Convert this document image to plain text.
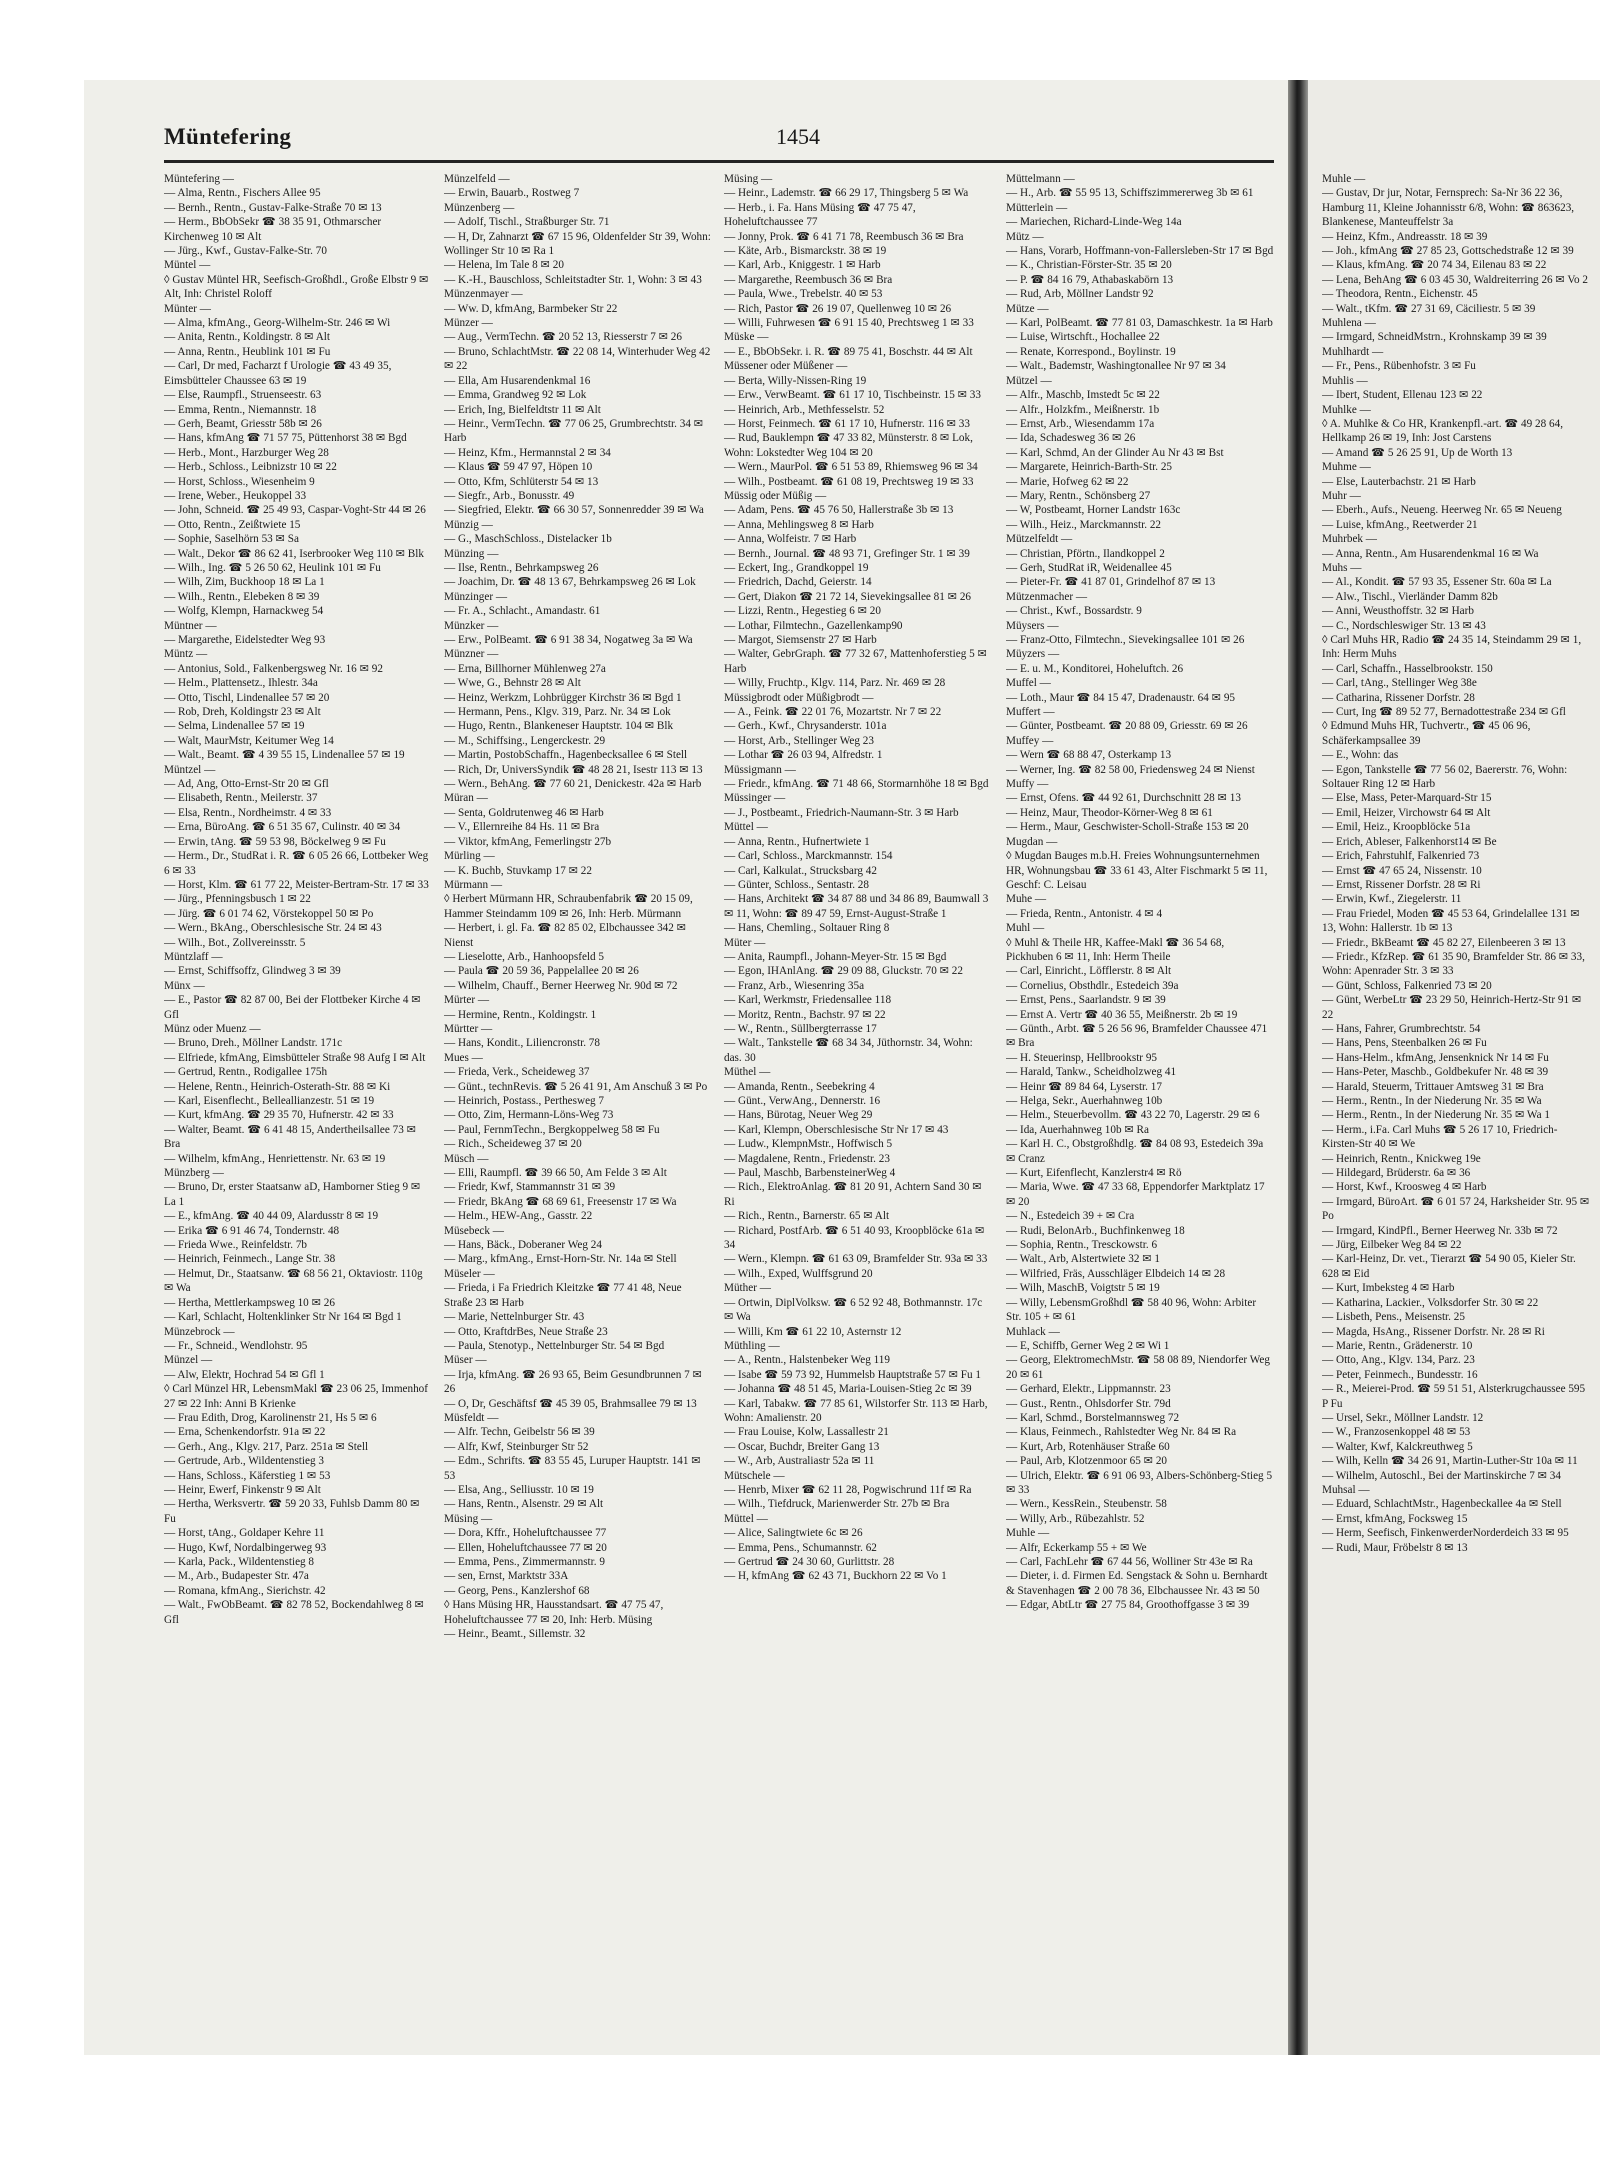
Müntefering	1454
Müntefering —
— Alma, Rentn., Fischers Allee 95
— Bernh., Rentn., Gustav-Falke-Straße 70 ✉ 13
— Herm., BbObSekr ☎ 38 35 91, Othmarscher Kirchenweg 10 ✉ Alt
— Jürg., Kwf., Gustav-Falke-Str. 70
Müntel —
◊ Gustav Müntel HR, Seefisch-Großhdl., Große Elbstr 9 ✉ Alt, Inh: Christel Roloff
Münter —
— Alma, kfmAng., Georg-Wilhelm-Str. 246 ✉ Wi
— Anita, Rentn., Koldingstr. 8 ✉ Alt
— Anna, Rentn., Heublink 101 ✉ Fu
— Carl, Dr med, Facharzt f Urologie ☎ 43 49 35, Eimsbütteler Chaussee 63 ✉ 19
— Else, Raumpfl., Struenseestr. 63
— Emma, Rentn., Niemannstr. 18
— Gerh, Beamt, Griesstr 58b ✉ 26
— Hans, kfmAng ☎ 71 57 75, Püttenhorst 38 ✉ Bgd
— Herb., Mont., Harzburger Weg 28
— Herb., Schloss., Leibnizstr 10 ✉ 22
— Horst, Schloss., Wiesenheim 9
— Irene, Weber., Heukoppel 33
— John, Schneid. ☎ 25 49 93, Caspar-Voght-Str 44 ✉ 26
— Otto, Rentn., Zeißtwiete 15
— Sophie, Saselhörn 53 ✉ Sa
— Walt., Dekor ☎ 86 62 41, Iserbrooker Weg 110 ✉ Blk
— Wilh., Ing. ☎ 5 26 50 62, Heulink 101 ✉ Fu
— Wilh, Zim, Buckhoop 18 ✉ La 1
— Wilh., Rentn., Elebeken 8 ✉ 39
— Wolfg, Klempn, Harnackweg 54
Müntner —
— Margarethe, Eidelstedter Weg 93
Müntz —
— Antonius, Sold., Falkenbergsweg Nr. 16 ✉ 92
— Helm., Plattensetz., Ihlestr. 34a
— Otto, Tischl, Lindenallee 57 ✉ 20
— Rob, Dreh, Koldingstr 23 ✉ Alt
— Selma, Lindenallee 57 ✉ 19
— Walt, MaurMstr, Keitumer Weg 14
— Walt., Beamt. ☎ 4 39 55 15, Lindenallee 57 ✉ 19
Müntzel —
— Ad, Ang, Otto-Ernst-Str 20 ✉ Gfl
— Elisabeth, Rentn., Meilerstr. 37
— Elsa, Rentn., Nordheimstr. 4 ✉ 33
— Erna, BüroAng. ☎ 6 51 35 67, Culinstr. 40 ✉ 34
— Erwin, tAng. ☎ 59 53 98, Böckelweg 9 ✉ Fu
— Herm., Dr., StudRat i. R. ☎ 6 05 26 66, Lottbeker Weg 6 ✉ 33
— Horst, Klm. ☎ 61 77 22, Meister-Bertram-Str. 17 ✉ 33
— Jürg., Pfenningsbusch 1 ✉ 22
— Jürg. ☎ 6 01 74 62, Vörstekoppel 50 ✉ Po
— Wern., BkAng., Oberschlesische Str. 24 ✉ 43
— Wilh., Bot., Zollvereinsstr. 5
Müntzlaff —
— Ernst, Schiffsoffz, Glindweg 3 ✉ 39
Münx —
— E., Pastor ☎ 82 87 00, Bei der Flottbeker Kirche 4 ✉ Gfl
Münz oder Muenz —
— Bruno, Dreh., Möllner Landstr. 171c
— Elfriede, kfmAng, Eimsbütteler Straße 98 Aufg I ✉ Alt
— Gertrud, Rentn., Rodigallee 175h
— Helene, Rentn., Heinrich-Osterath-Str. 88 ✉ Ki
— Karl, Eisenflecht., Belleallianzestr. 51 ✉ 19
— Kurt, kfmAng. ☎ 29 35 70, Hufnerstr. 42 ✉ 33
— Walter, Beamt. ☎ 6 41 48 15, Andertheilsallee 73 ✉ Bra
— Wilhelm, kfmAng., Henriettenstr. Nr. 63 ✉ 19
Münzberg —
— Bruno, Dr, erster Staatsanw aD, Hamborner Stieg 9 ✉ La 1
— E., kfmAng. ☎ 40 44 09, Alardusstr 8 ✉ 19
— Erika ☎ 6 91 46 74, Tondernstr. 48
— Frieda Wwe., Reinfeldstr. 7b
— Heinrich, Feinmech., Lange Str. 38
— Helmut, Dr., Staatsanw. ☎ 68 56 21, Oktaviostr. 110g ✉ Wa
— Hertha, Mettlerkampsweg 10 ✉ 26
— Karl, Schlacht, Holtenklinker Str Nr 164 ✉ Bgd 1
Münzebrock —
— Fr., Schneid., Wendlohstr. 95
Münzel —
— Alw, Elektr, Hochrad 54 ✉ Gfl 1
◊ Carl Münzel HR, LebensmMakl ☎ 23 06 25, Immenhof 27 ✉ 22 Inh: Anni B Krienke
— Frau Edith, Drog, Karolinenstr 21, Hs 5 ✉ 6
— Erna, Schenkendorfstr. 91a ✉ 22
— Gerh., Ang., Klgv. 217, Parz. 251a ✉ Stell
— Gertrude, Arb., Wildentenstieg 3
— Hans, Schloss., Käferstieg 1 ✉ 53
— Heinr, Ewerf, Finkenstr 9 ✉ Alt
— Hertha, Werksvertr. ☎ 59 20 33, Fuhlsb Damm 80 ✉ Fu
— Horst, tAng., Goldaper Kehre 11
— Hugo, Kwf, Nordalbingerweg 93
— Karla, Pack., Wildentenstieg 8
— M., Arb., Budapester Str. 47a
— Romana, kfmAng., Sierichstr. 42
— Walt., FwObBeamt. ☎ 82 78 52, Bockendahlweg 8 ✉ Gfl
Münzelfeld —
— Erwin, Bauarb., Rostweg 7
Münzenberg —
— Adolf, Tischl., Straßburger Str. 71
— H, Dr, Zahnarzt ☎ 67 15 96, Oldenfelder Str 39, Wohn: Wollinger Str 10 ✉ Ra 1
— Helena, Im Tale 8 ✉ 20
— K.-H., Bauschloss, Schleitstadter Str. 1, Wohn: 3 ✉ 43
Münzenmayer —
— Ww. D, kfmAng, Barmbeker Str 22
Münzer —
— Aug., VermTechn. ☎ 20 52 13, Riesserstr 7 ✉ 26
— Bruno, SchlachtMstr. ☎ 22 08 14, Winterhuder Weg 42 ✉ 22
— Ella, Am Husarendenkmal 16
— Emma, Grandweg 92 ✉ Lok
— Erich, Ing, Bielfeldtstr 11 ✉ Alt
— Heinr., VermTechn. ☎ 77 06 25, Grumbrechtstr. 34 ✉ Harb
— Heinz, Kfm., Hermannstal 2 ✉ 34
— Klaus ☎ 59 47 97, Höpen 10
— Otto, Kfm, Schlüterstr 54 ✉ 13
— Siegfr., Arb., Bonusstr. 49
— Siegfried, Elektr. ☎ 66 30 57, Sonnenredder 39 ✉ Wa
Münzig —
— G., MaschSchloss., Distelacker 1b
Münzing —
— Ilse, Rentn., Behrkampsweg 26
— Joachim, Dr. ☎ 48 13 67, Behrkampsweg 26 ✉ Lok
Münzinger —
— Fr. A., Schlacht., Amandastr. 61
Münzker —
— Erw., PolBeamt. ☎ 6 91 38 34, Nogatweg 3a ✉ Wa
Münzner —
— Erna, Billhorner Mühlenweg 27a
— Wwe, G., Behnstr 28 ✉ Alt
— Heinz, Werkzm, Lohbrügger Kirchstr 36 ✉ Bgd 1
— Hermann, Pens., Klgv. 319, Parz. Nr. 34 ✉ Lok
— Hugo, Rentn., Blankeneser Hauptstr. 104 ✉ Blk
— M., Schiffsing., Lengerckestr. 29
— Martin, PostobSchaffn., Hagenbecksallee 6 ✉ Stell
— Rich, Dr, UniversSyndik ☎ 48 28 21, Isestr 113 ✉ 13
— Wern., BehAng. ☎ 77 60 21, Denickestr. 42a ✉ Harb
Müran —
— Senta, Goldrutenweg 46 ✉ Harb
— V., Ellernreihe 84 Hs. 11 ✉ Bra
— Viktor, kfmAng, Femerlingstr 27b
Mürling —
— K. Buchb, Stuvkamp 17 ✉ 22
Mürmann —
◊ Herbert Mürmann HR, Schraubenfabrik ☎ 20 15 09, Hammer Steindamm 109 ✉ 26, Inh: Herb. Mürmann
— Herbert, i. gl. Fa. ☎ 82 85 02, Elbchaussee 342 ✉ Nienst
— Lieselotte, Arb., Hanhoopsfeld 5
— Paula ☎ 20 59 36, Pappelallee 20 ✉ 26
— Wilhelm, Chauff., Berner Heerweg Nr. 90d ✉ 72
Mürter —
— Hermine, Rentn., Koldingstr. 1
Mürtter —
— Hans, Kondit., Liliencronstr. 78
Mues —
— Frieda, Verk., Scheideweg 37
— Günt., technRevis. ☎ 5 26 41 91, Am Anschuß 3 ✉ Po
— Heinrich, Postass., Perthesweg 7
— Otto, Zim, Hermann-Löns-Weg 73
— Paul, FernmTechn., Bergkoppelweg 58 ✉ Fu
— Rich., Scheideweg 37 ✉ 20
Müsch —
— Elli, Raumpfl. ☎ 39 66 50, Am Felde 3 ✉ Alt
— Friedr, Kwf, Stammannstr 31 ✉ 39
— Friedr, BkAng ☎ 68 69 61, Freesenstr 17 ✉ Wa
— Helm., HEW-Ang., Gasstr. 22
Müsebeck —
— Hans, Bäck., Doberaner Weg 24
— Marg., kfmAng., Ernst-Horn-Str. Nr. 14a ✉ Stell
Müseler —
— Frieda, i Fa Friedrich Kleitzke ☎ 77 41 48, Neue Straße 23 ✉ Harb
— Marie, Nettelnburger Str. 43
— Otto, KraftdrBes, Neue Straße 23
— Paula, Stenotyp., Nettelnburger Str. 54 ✉ Bgd
Müser —
— Irja, kfmAng. ☎ 26 93 65, Beim Gesundbrunnen 7 ✉ 26
— O, Dr, Geschäftsf ☎ 45 39 05, Brahmsallee 79 ✉ 13
Müsfeldt —
— Alfr. Techn, Geibelstr 56 ✉ 39
— Alfr, Kwf, Steinburger Str 52
— Edm., Schrifts. ☎ 83 55 45, Luruper Hauptstr. 141 ✉ 53
— Elsa, Ang., Selliusstr. 10 ✉ 19
— Hans, Rentn., Alsenstr. 29 ✉ Alt
Müsing —
— Dora, Kffr., Hoheluftchaussee 77
— Ellen, Hoheluftchaussee 77 ✉ 20
— Emma, Pens., Zimmermannstr. 9
— sen, Ernst, Marktstr 33A
— Georg, Pens., Kanzlershof 68
◊ Hans Müsing HR, Hausstandsart. ☎ 47 75 47, Hoheluftchaussee 77 ✉ 20, Inh: Herb. Müsing
— Heinr., Beamt., Sillemstr. 32
Müsing —
— Heinr., Lademstr. ☎ 66 29 17, Thingsberg 5 ✉ Wa
— Herb., i. Fa. Hans Müsing ☎ 47 75 47, Hoheluftchaussee 77
— Jonny, Prok. ☎ 6 41 71 78, Reembusch 36 ✉ Bra
— Käte, Arb., Bismarckstr. 38 ✉ 19
— Karl, Arb., Kniggestr. 1 ✉ Harb
— Margarethe, Reembusch 36 ✉ Bra
— Paula, Wwe., Trebelstr. 40 ✉ 53
— Rich, Pastor ☎ 26 19 07, Quellenweg 10 ✉ 26
— Willi, Fuhrwesen ☎ 6 91 15 40, Prechtsweg 1 ✉ 33
Müske —
— E., BbObSekr. i. R. ☎ 89 75 41, Boschstr. 44 ✉ Alt
Müssener oder Müßener —
— Berta, Willy-Nissen-Ring 19
— Erw., VerwBeamt. ☎ 61 17 10, Tischbeinstr. 15 ✉ 33
— Heinrich, Arb., Methfesselstr. 52
— Horst, Feinmech. ☎ 61 17 10, Hufnerstr. 116 ✉ 33
— Rud, Bauklempn ☎ 47 33 82, Münsterstr. 8 ✉ Lok, Wohn: Lokstedter Weg 104 ✉ 20
— Wern., MaurPol. ☎ 6 51 53 89, Rhiemsweg 96 ✉ 34
— Wilh., Postbeamt. ☎ 61 08 19, Prechtsweg 19 ✉ 33
Müssig oder Müßig —
— Adam, Pens. ☎ 45 76 50, Hallerstraße 3b ✉ 13
— Anna, Mehlingsweg 8 ✉ Harb
— Anna, Wolfeistr. 7 ✉ Harb
— Bernh., Journal. ☎ 48 93 71, Grefinger Str. 1 ✉ 39
— Eckert, Ing., Grandkoppel 19
— Friedrich, Dachd, Geierstr. 14
— Gert, Diakon ☎ 21 72 14, Sievekingsallee 81 ✉ 26
— Lizzi, Rentn., Hegestieg 6 ✉ 20
— Lothar, Filmtechn., Gazellenkamp90
— Margot, Siemsenstr 27 ✉ Harb
— Walter, GebrGraph. ☎ 77 32 67, Mattenhoferstieg 5 ✉ Harb
— Willy, Fruchtp., Klgv. 114, Parz. Nr. 469 ✉ 28
Müssigbrodt oder Müßigbrodt —
— A., Feink. ☎ 22 01 76, Mozartstr. Nr 7 ✉ 22
— Gerh., Kwf., Chrysanderstr. 101a
— Horst, Arb., Stellinger Weg 23
— Lothar ☎ 26 03 94, Alfredstr. 1
Müssigmann —
— Friedr., kfmAng. ☎ 71 48 66, Stormarnhöhe 18 ✉ Bgd
Müssinger —
— J., Postbeamt., Friedrich-Naumann-Str. 3 ✉ Harb
Müttel —
— Anna, Rentn., Hufnertwiete 1
— Carl, Schloss., Marckmannstr. 154
— Carl, Kalkulat., Strucksbarg 42
— Günter, Schloss., Sentastr. 28
— Hans, Architekt ☎ 34 87 88 und 34 86 89, Baumwall 3 ✉ 11, Wohn: ☎ 89 47 59, Ernst-August-Straße 1
— Hans, Chemling., Soltauer Ring 8
Müter —
— Anita, Raumpfl., Johann-Meyer-Str. 15 ✉ Bgd
— Egon, IHAnlAng. ☎ 29 09 88, Gluckstr. 70 ✉ 22
— Franz, Arb., Wiesenring 35a
— Karl, Werkmstr, Friedensallee 118
— Moritz, Rentn., Bachstr. 97 ✉ 22
— W., Rentn., Süllbergterrasse 17
— Walt., Tankstelle ☎ 68 34 34, Jüthornstr. 34, Wohn: das. 30
Müthel —
— Amanda, Rentn., Seebekring 4
— Günt., VerwAng., Dennerstr. 16
— Hans, Bürotag, Neuer Weg 29
— Karl, Klempn, Oberschlesische Str Nr 17 ✉ 43
— Ludw., KlempnMstr., Hoffwisch 5
— Magdalene, Rentn., Friedenstr. 23
— Paul, Maschb, BarbensteinerWeg 4
— Rich., ElektroAnlag. ☎ 81 20 91, Achtern Sand 30 ✉ Ri
— Rich., Rentn., Barnerstr. 65 ✉ Alt
— Richard, PostfArb. ☎ 6 51 40 93, Kroopblöcke 61a ✉ 34
— Wern., Klempn. ☎ 61 63 09, Bramfelder Str. 93a ✉ 33
— Wilh., Exped, Wulffsgrund 20
Müther —
— Ortwin, DiplVolksw. ☎ 6 52 92 48, Bothmannstr. 17c ✉ Wa
— Willi, Km ☎ 61 22 10, Asternstr 12
Müthling —
— A., Rentn., Halstenbeker Weg 119
— Isabe ☎ 59 73 92, Hummelsb Hauptstraße 57 ✉ Fu 1
— Johanna ☎ 48 51 45, Maria-Louisen-Stieg 2c ✉ 39
— Karl, Tabakw. ☎ 77 85 61, Wilstorfer Str. 113 ✉ Harb, Wohn: Amalienstr. 20
— Frau Louise, Kolw, Lassallestr 21
— Oscar, Buchdr, Breiter Gang 13
— W., Arb, Australiastr 52a ✉ 11
Mütschele —
— Henrb, Mixer ☎ 62 11 28, Pogwischrund 11f ✉ Ra
— Wilh., Tiefdruck, Marienwerder Str. 27b ✉ Bra
Müttel —
— Alice, Salingtwiete 6c ✉ 26
— Emma, Pens., Schumannstr. 62
— Gertrud ☎ 24 30 60, Gurlittstr. 28
— H, kfmAng ☎ 62 43 71, Buckhorn 22 ✉ Vo 1
Müttelmann —
— H., Arb. ☎ 55 95 13, Schiffszimmererweg 3b ✉ 61
Mütterlein —
— Mariechen, Richard-Linde-Weg 14a
Mütz —
— Hans, Vorarb, Hoffmann-von-Fallersleben-Str 17 ✉ Bgd
— K., Christian-Förster-Str. 35 ✉ 20
— P. ☎ 84 16 79, Athabaskabörn 13
— Rud, Arb, Möllner Landstr 92
Mütze —
— Karl, PolBeamt. ☎ 77 81 03, Damaschkestr. 1a ✉ Harb
— Luise, Wirtschft., Hochallee 22
— Renate, Korrespond., Boylinstr. 19
— Walt., Bademstr, Washingtonallee Nr 97 ✉ 34
Mützel —
— Alfr., Maschb, Imstedt 5c ✉ 22
— Alfr., Holzkfm., Meißnerstr. 1b
— Ernst, Arb., Wiesendamm 17a
— Ida, Schadesweg 36 ✉ 26
— Karl, Schmd, An der Glinder Au Nr 43 ✉ Bst
— Margarete, Heinrich-Barth-Str. 25
— Marie, Hofweg 62 ✉ 22
— Mary, Rentn., Schönsberg 27
— W, Postbeamt, Horner Landstr 163c
— Wilh., Heiz., Marckmannstr. 22
Mützelfeldt —
— Christian, Pförtn., Ilandkoppel 2
— Gerh, StudRat iR, Weidenallee 45
— Pieter-Fr. ☎ 41 87 01, Grindelhof 87 ✉ 13
Mützenmacher —
— Christ., Kwf., Bossardstr. 9
Müysers —
— Franz-Otto, Filmtechn., Sievekingsallee 101 ✉ 26
Müyzers —
— E. u. M., Konditorei, Hoheluftch. 26
Muffel —
— Loth., Maur ☎ 84 15 47, Dradenaustr. 64 ✉ 95
Muffert —
— Günter, Postbeamt. ☎ 20 88 09, Griesstr. 69 ✉ 26
Muffey —
— Wern ☎ 68 88 47, Osterkamp 13
— Werner, Ing. ☎ 82 58 00, Friedensweg 24 ✉ Nienst
Muffy —
— Ernst, Ofens. ☎ 44 92 61, Durchschnitt 28 ✉ 13
— Heinz, Maur, Theodor-Körner-Weg 8 ✉ 61
— Herm., Maur, Geschwister-Scholl-Straße 153 ✉ 20
Mugdan —
◊ Mugdan Bauges m.b.H. Freies Wohnungsunternehmen HR, Wohnungsbau ☎ 33 61 43, Alter Fischmarkt 5 ✉ 11, Geschf: C. Leisau
Muhe —
— Frieda, Rentn., Antonistr. 4 ✉ 4
Muhl —
◊ Muhl & Theile HR, Kaffee-Makl ☎ 36 54 68, Pickhuben 6 ✉ 11, Inh: Herm Theile
— Carl, Einricht., Löfflerstr. 8 ✉ Alt
— Cornelius, Obsthdlr., Estedeich 39a
— Ernst, Pens., Saarlandstr. 9 ✉ 39
— Ernst A. Vertr ☎ 40 36 55, Meißnerstr. 2b ✉ 19
— Günth., Arbt. ☎ 5 26 56 96, Bramfelder Chaussee 471 ✉ Bra
— H. Steuerinsp, Hellbrookstr 95
— Harald, Tankw., Scheidholzweg 41
— Heinr ☎ 89 84 64, Lyserstr. 17
— Helga, Sekr., Auerhahnweg 10b
— Helm., Steuerbevollm. ☎ 43 22 70, Lagerstr. 29 ✉ 6
— Ida, Auerhahnweg 10b ✉ Ra
— Karl H. C., Obstgroßhdlg. ☎ 84 08 93, Estedeich 39a ✉ Cranz
— Kurt, Eifenflecht, Kanzlerstr4 ✉ Rö
— Maria, Wwe. ☎ 47 33 68, Eppendorfer Marktplatz 17 ✉ 20
— N., Estedeich 39 + ✉ Cra
— Rudi, BelonArb., Buchfinkenweg 18
— Sophia, Rentn., Tresckowstr. 6
— Walt., Arb, Alstertwiete 32 ✉ 1
— Wilfried, Fräs, Ausschläger Elbdeich 14 ✉ 28
— Wilh, MaschB, Voigtstr 5 ✉ 19
— Willy, LebensmGroßhdl ☎ 58 40 96, Wohn: Arbiter Str. 105 + ✉ 61
Muhlack —
— E, Schiffb, Gerner Weg 2 ✉ Wi 1
— Georg, ElektromechMstr. ☎ 58 08 89, Niendorfer Weg 20 ✉ 61
— Gerhard, Elektr., Lippmannstr. 23
— Gust., Rentn., Ohlsdorfer Str. 79d
— Karl, Schmd., Borstelmannsweg 72
— Klaus, Feinmech., Rahlstedter Weg Nr. 84 ✉ Ra
— Kurt, Arb, Rotenhäuser Straße 60
— Paul, Arb, Klotzenmoor 65 ✉ 20
— Ulrich, Elektr. ☎ 6 91 06 93, Albers-Schönberg-Stieg 5 ✉ 33
— Wern., KessRein., Steubenstr. 58
— Willy, Arb., Rübezahlstr. 52
Muhle —
— Alfr, Eckerkamp 55 + ✉ We
— Carl, FachLehr ☎ 67 44 56, Wolliner Str 43e ✉ Ra
— Dieter, i. d. Firmen Ed. Sengstack & Sohn u. Bernhardt & Stavenhagen ☎ 2 00 78 36, Elbchaussee Nr. 43 ✉ 50
— Edgar, AbtLtr ☎ 27 75 84, Groothoffgasse 3 ✉ 39
Muhle —
— Gustav, Dr jur, Notar, Fernsprech: Sa-Nr 36 22 36, Hamburg 11, Kleine Johannisstr 6/8, Wohn: ☎ 863623, Blankenese, Manteuffelstr 3a
— Heinz, Kfm., Andreasstr. 18 ✉ 39
— Joh., kfmAng ☎ 27 85 23, Gottschedstraße 12 ✉ 39
— Klaus, kfmAng. ☎ 20 74 34, Eilenau 83 ✉ 22
— Lena, BehAng ☎ 6 03 45 30, Waldreiterring 26 ✉ Vo 2
— Theodora, Rentn., Eichenstr. 45
— Walt., tKfm. ☎ 27 31 69, Cäciliestr. 5 ✉ 39
Muhlena —
— Irmgard, SchneidMstrn., Krohnskamp 39 ✉ 39
Muhlhardt —
— Fr., Pens., Rübenhofstr. 3 ✉ Fu
Muhlis —
— Ibert, Student, Ellenau 123 ✉ 22
Muhlke —
◊ A. Muhlke & Co HR, Krankenpfl.-art. ☎ 49 28 64, Hellkamp 26 ✉ 19, Inh: Jost Carstens
— Amand ☎ 5 26 25 91, Up de Worth 13
Muhme —
— Else, Lauterbachstr. 21 ✉ Harb
Muhr —
— Eberh., Aufs., Neueng. Heerweg Nr. 65 ✉ Neueng
— Luise, kfmAng., Reetwerder 21
Muhrbek —
— Anna, Rentn., Am Husarendenkmal 16 ✉ Wa
Muhs —
— Al., Kondit. ☎ 57 93 35, Essener Str. 60a ✉ La
— Alw., Tischl., Vierländer Damm 82b
— Anni, Weusthoffstr. 32 ✉ Harb
— C., Nordschleswiger Str. 13 ✉ 43
◊ Carl Muhs HR, Radio ☎ 24 35 14, Steindamm 29 ✉ 1, Inh: Herm Muhs
— Carl, Schaffn., Hasselbrookstr. 150
— Carl, tAng., Stellinger Weg 38e
— Catharina, Rissener Dorfstr. 28
— Curt, Ing ☎ 89 52 77, Bernadottestraße 234 ✉ Gfl
◊ Edmund Muhs HR, Tuchvertr., ☎ 45 06 96, Schäferkampsallee 39
— E., Wohn: das
— Egon, Tankstelle ☎ 77 56 02, Baererstr. 76, Wohn: Soltauer Ring 12 ✉ Harb
— Else, Mass, Peter-Marquard-Str 15
— Emil, Heizer, Virchowstr 64 ✉ Alt
— Emil, Heiz., Kroopblöcke 51a
— Erich, Ableser, Falkenhorst14 ✉ Be
— Erich, Fahrstuhlf, Falkenried 73
— Ernst ☎ 47 65 24, Nissenstr. 10
— Ernst, Rissener Dorfstr. 28 ✉ Ri
— Erwin, Kwf., Ziegelerstr. 11
— Frau Friedel, Moden ☎ 45 53 64, Grindelallee 131 ✉ 13, Wohn: Hallerstr. 1b ✉ 13
— Friedr., BkBeamt ☎ 45 82 27, Eilenbeeren 3 ✉ 13
— Friedr., KfzRep. ☎ 61 35 90, Bramfelder Str. 86 ✉ 33, Wohn: Apenrader Str. 3 ✉ 33
— Günt, Schloss, Falkenried 73 ✉ 20
— Günt, WerbeLtr ☎ 23 29 50, Heinrich-Hertz-Str 91 ✉ 22
— Hans, Fahrer, Grumbrechtstr. 54
— Hans, Pens, Steenbalken 26 ✉ Fu
— Hans-Helm., kfmAng, Jensenknick Nr 14 ✉ Fu
— Hans-Peter, Maschb., Goldbekufer Nr. 48 ✉ 39
— Harald, Steuerm, Trittauer Amtsweg 31 ✉ Bra
— Herm., Rentn., In der Niederung Nr. 35 ✉ Wa
— Herm., Rentn., In der Niederung Nr. 35 ✉ Wa 1
— Herm., i.Fa. Carl Muhs ☎ 5 26 17 10, Friedrich-Kirsten-Str 40 ✉ We
— Heinrich, Rentn., Knickweg 19e
— Hildegard, Brüderstr. 6a ✉ 36
— Horst, Kwf., Kroosweg 4 ✉ Harb
— Irmgard, BüroArt. ☎ 6 01 57 24, Harksheider Str. 95 ✉ Po
— Irmgard, KindPfl., Berner Heerweg Nr. 33b ✉ 72
— Jürg, Eilbeker Weg 84 ✉ 22
— Karl-Heinz, Dr. vet., Tierarzt ☎ 54 90 05, Kieler Str. 628 ✉ Eid
— Kurt, Imbeksteg 4 ✉ Harb
— Katharina, Lackier., Volksdorfer Str. 30 ✉ 22
— Lisbeth, Pens., Meisenstr. 25
— Magda, HsAng., Rissener Dorfstr. Nr. 28 ✉ Ri
— Marie, Rentn., Grädenerstr. 10
— Otto, Ang., Klgv. 134, Parz. 23
— Peter, Feinmech., Bundesstr. 16
— R., Meierei-Prod. ☎ 59 51 51, Alsterkrugchaussee 595 P Fu
— Ursel, Sekr., Möllner Landstr. 12
— W., Franzosenkoppel 48 ✉ 53
— Walter, Kwf, Kalckreuthweg 5
— Wilh, Kelln ☎ 34 26 91, Martin-Luther-Str 10a ✉ 11
— Wilhelm, Autoschl., Bei der Martinskirche 7 ✉ 34
Muhsal —
— Eduard, SchlachtMstr., Hagenbeckallee 4a ✉ Stell
— Ernst, kfmAng, Focksweg 15
— Herm, Seefisch, FinkenwerderNorderdeich 33 ✉ 95
— Rudi, Maur, Fröbelstr 8 ✉ 13
